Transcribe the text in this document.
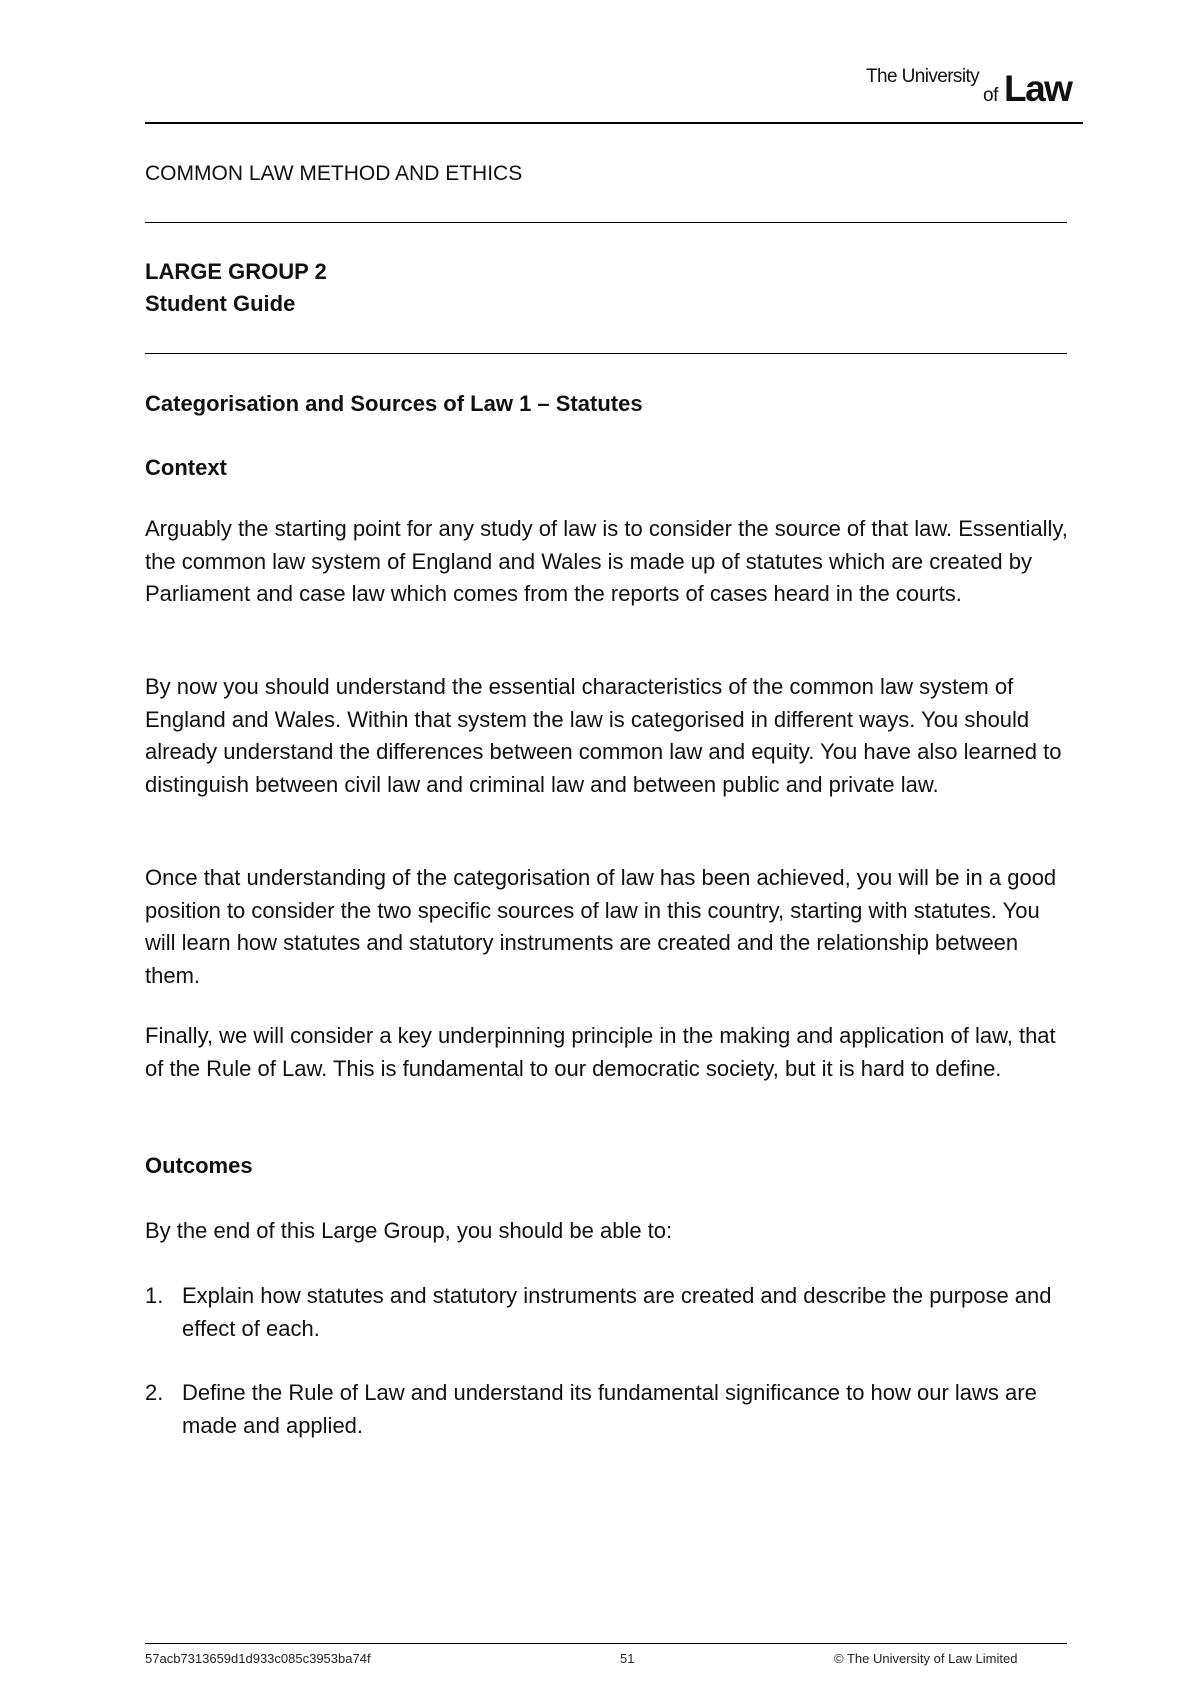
The University
of Law
COMMON LAW METHOD AND ETHICS
LARGE GROUP 2
Student Guide
Categorisation and Sources of Law 1 – Statutes
Context
Arguably the starting point for any study of law is to consider the source of that law. Essentially, the common law system of England and Wales is made up of statutes which are created by Parliament and case law which comes from the reports of cases heard in the courts.
By now you should understand the essential characteristics of the common law system of England and Wales. Within that system the law is categorised in different ways. You should already understand the differences between common law and equity. You have also learned to distinguish between civil law and criminal law and between public and private law.
Once that understanding of the categorisation of law has been achieved, you will be in a good position to consider the two specific sources of law in this country, starting with statutes. You will learn how statutes and statutory instruments are created and the relationship between them.
Finally, we will consider a key underpinning principle in the making and application of law, that of the Rule of Law. This is fundamental to our democratic society, but it is hard to define.
Outcomes
By the end of this Large Group, you should be able to:
1. Explain how statutes and statutory instruments are created and describe the purpose and effect of each.
2. Define the Rule of Law and understand its fundamental significance to how our laws are made and applied.
57acb7313659d1d933c085c3953ba74f	51	© The University of Law Limited
